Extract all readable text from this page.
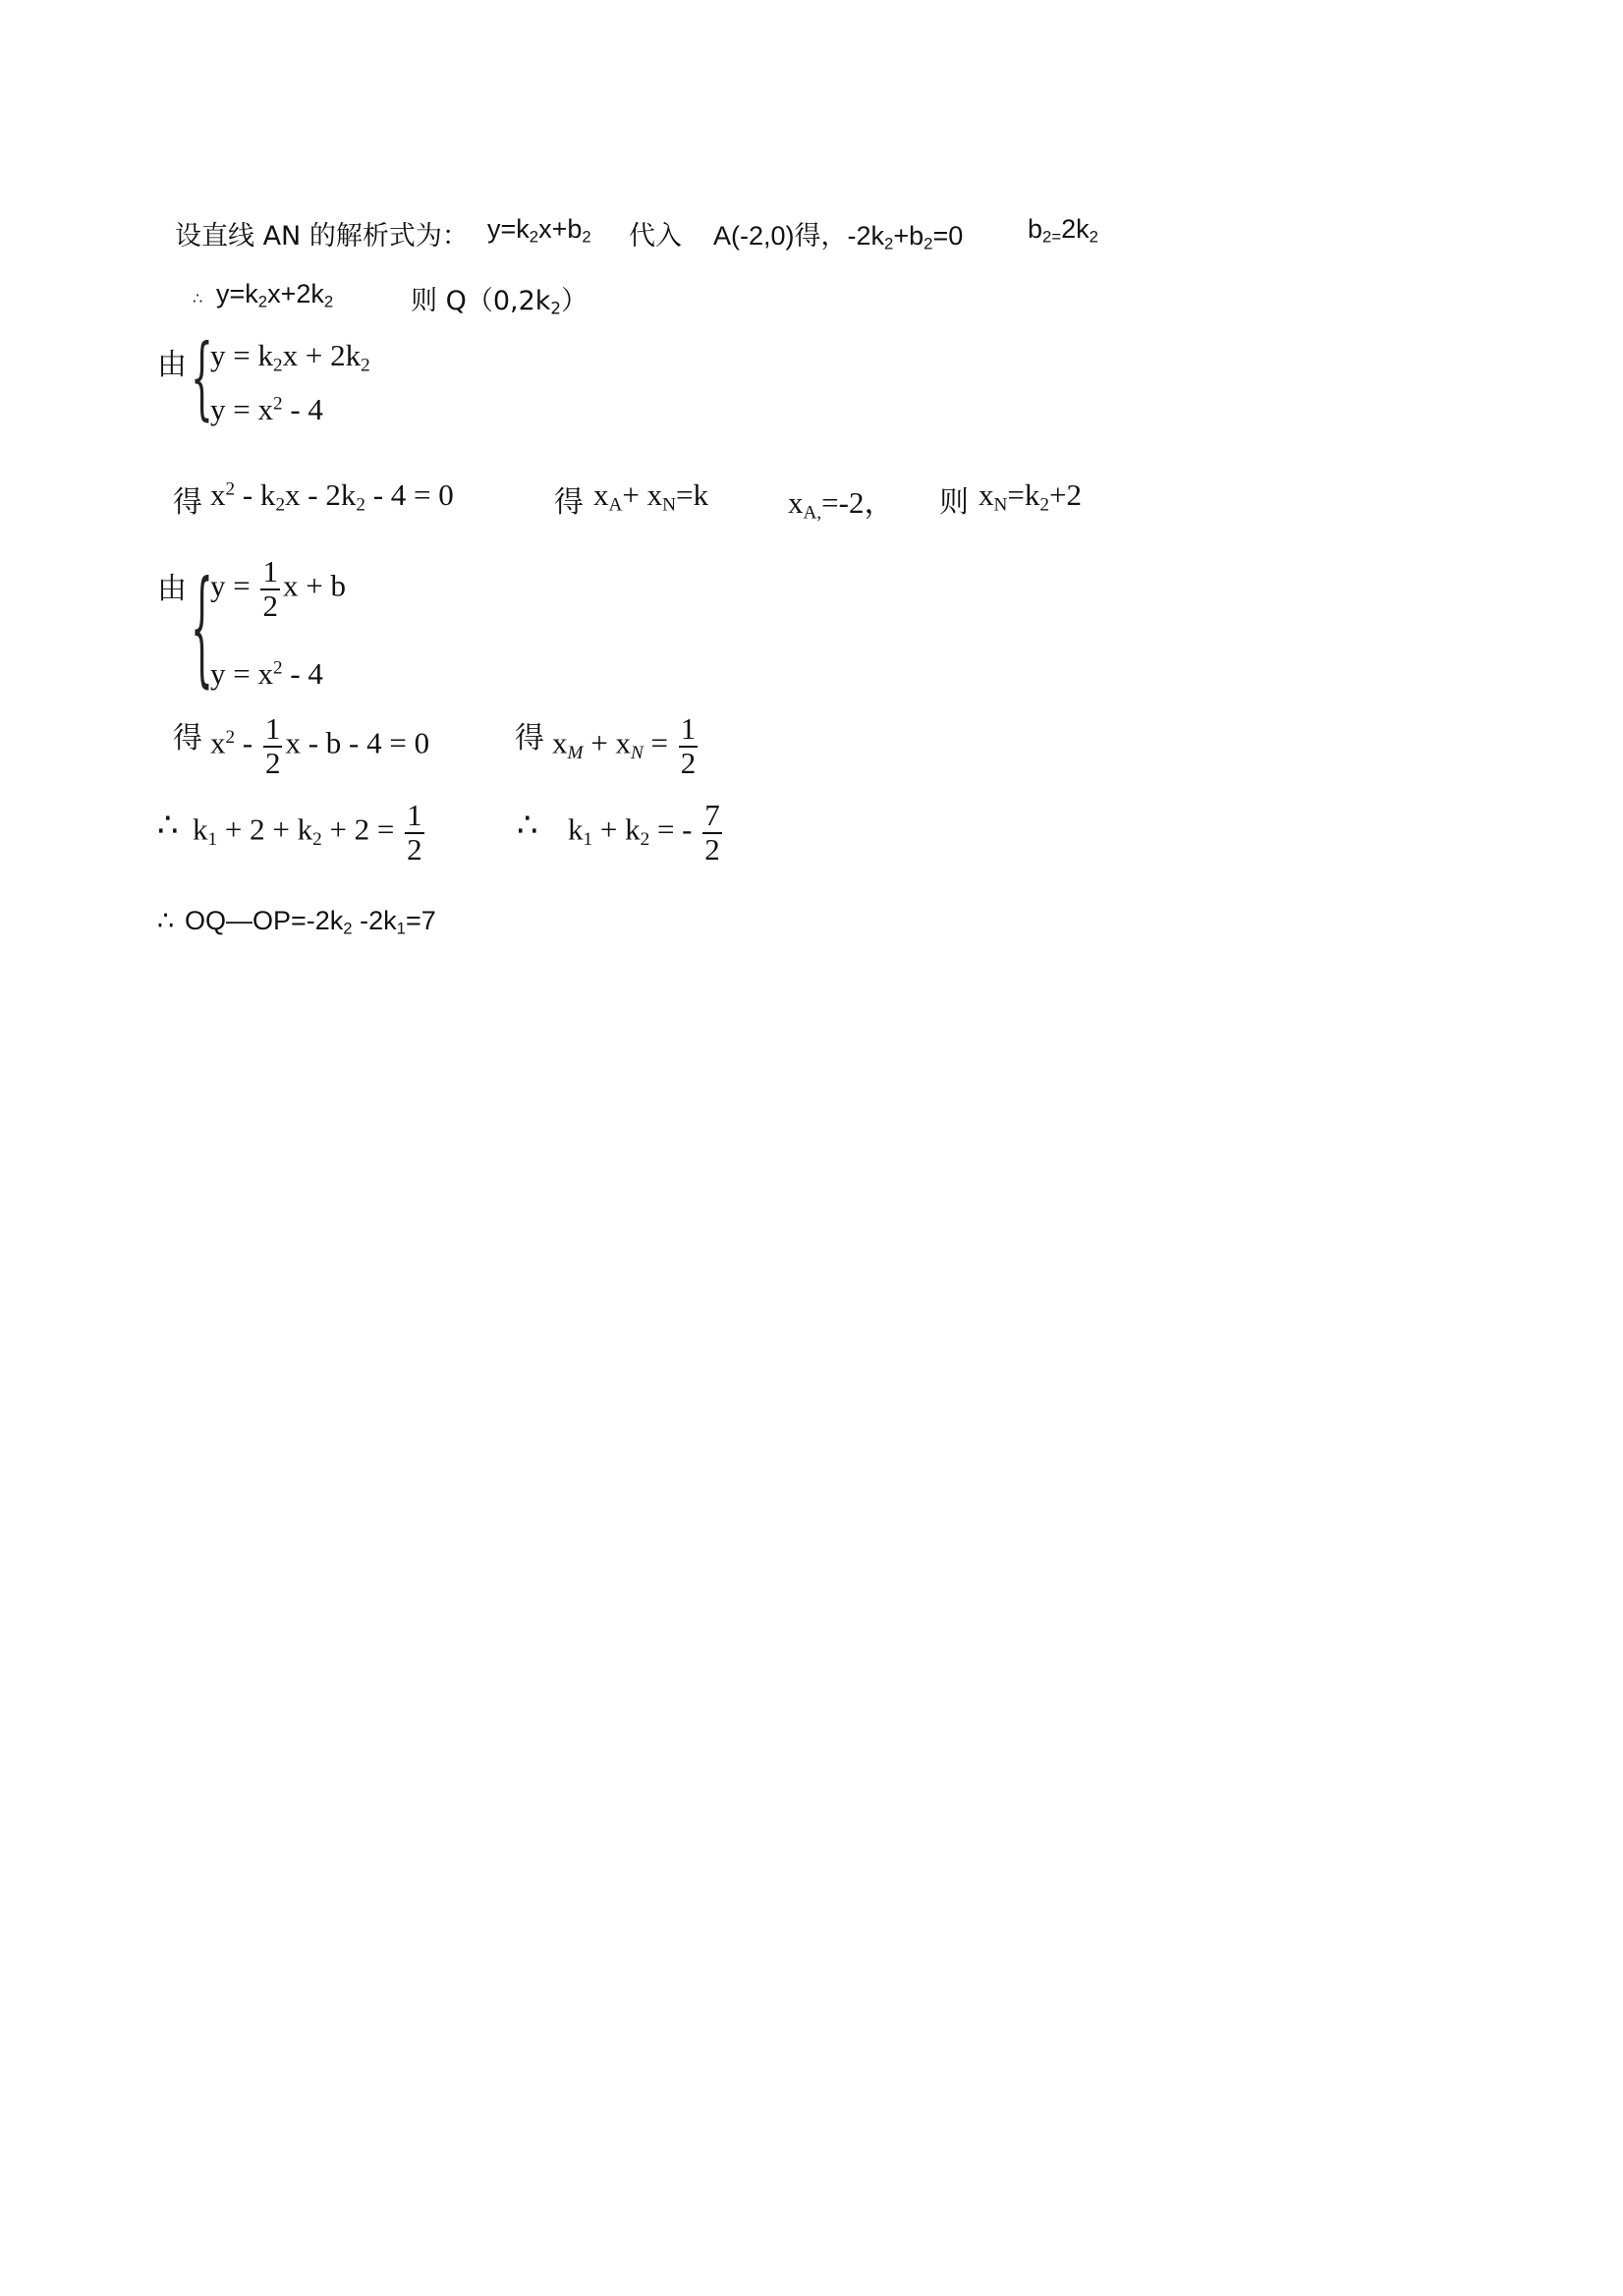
设直线 AN 的解析式为： $y=k_2x+b_2$ 代入 A(-2,0)得，$-2k_2+b_2=0$ $b_{2=}2k_2$
∴ $y=k_2x+2k_2$	则 $Q(0,2k_2)$
由 {
$y = k_2x + 2k_2$
$y = x^2 - 4$
得 $x^2 - k_2x - 2k_2 - 4 = 0$	得 $x_A+ x_N=k$	$x_{A,}=-2$， 则 $x_N=k_2+2$
由 {
$y = \frac{1}{2}$ x + b
$y = x^2 - 4$
得 $x^2 - \frac{1}{2}$ x - b - 4 = 0	得 $x_M + x_N = \frac{1}{2}$
∴ $k_1 + 2 + k_2 + 2 = \frac{1}{2}$	∴ $k_1 + k_2$ = - $\frac{7}{2}$
∴ $OQ—OP=-2k_2$ $-2k_1=7$
